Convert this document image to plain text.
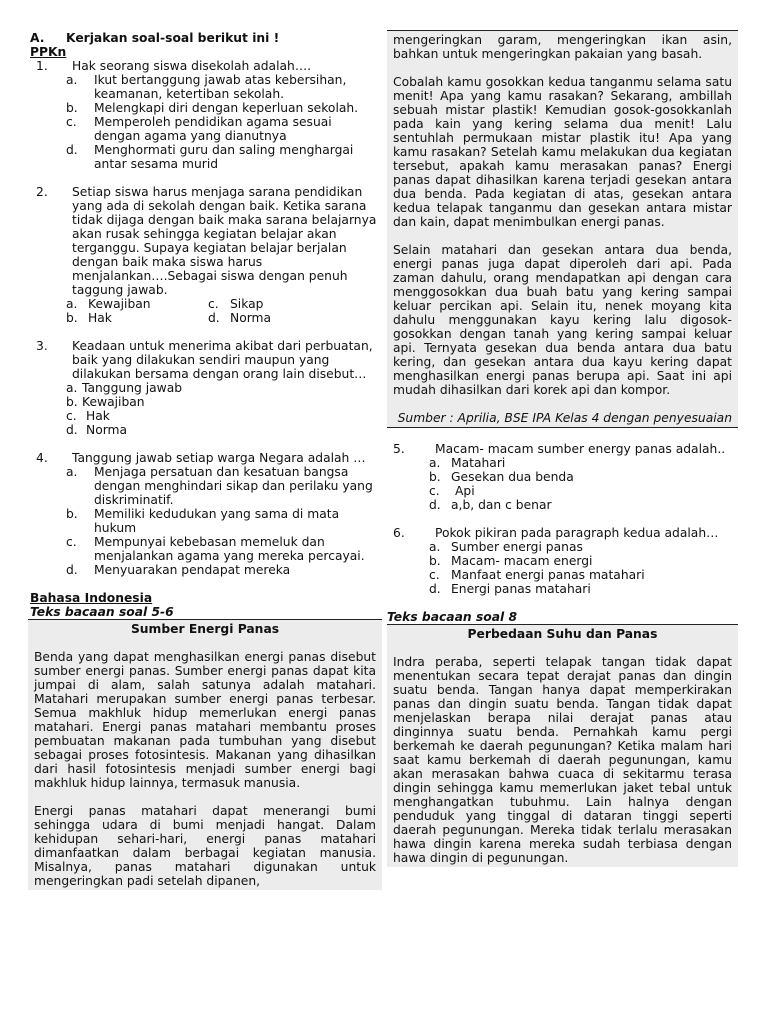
A.	Kerjakan soal-soal berikut ini !
PPKn
1.	Hak seorang siswa disekolah adalah….
a.	Ikut bertanggung jawab atas kebersihan, keamanan, ketertiban sekolah.
b.	Melengkapi diri dengan keperluan sekolah.
c.	Memperoleh pendidikan agama sesuai dengan agama yang dianutnya
d.	Menghormati guru dan saling menghargai antar sesama murid
2.	Setiap siswa harus menjaga sarana pendidikan yang ada di sekolah dengan baik. Ketika sarana tidak dijaga dengan baik maka sarana belajarnya akan rusak sehingga kegiatan belajar akan terganggu. Supaya kegiatan belajar berjalan dengan baik maka siswa harus menjalankan….Sebagai siswa dengan penuh taggung jawab.
a. Kewajiban	c. Sikap
b. Hak	d. Norma
3.	Keadaan untuk menerima akibat dari perbuatan, baik yang dilakukan sendiri maupun yang dilakukan bersama dengan orang lain disebut…
a. Tanggung jawab
b. Kewajiban
c. Hak
d. Norma
4.	Tanggung jawab setiap warga Negara adalah …
a.	Menjaga persatuan dan kesatuan bangsa dengan menghindari sikap dan perilaku yang diskriminatif.
b.	Memiliki kedudukan yang sama di mata hukum
c.	Mempunyai kebebasan memeluk dan menjalankan agama yang mereka percayai.
d.	Menyuarakan pendapat mereka
Bahasa Indonesia
Teks bacaan soal 5-6
Sumber Energi Panas
Benda yang dapat menghasilkan energi panas disebut sumber energi panas. Sumber energi panas dapat kita jumpai di alam, salah satunya adalah matahari. Matahari merupakan sumber energi panas terbesar. Semua makhluk hidup memerlukan energi panas matahari. Energi panas matahari membantu proses pembuatan makanan pada tumbuhan yang disebut sebagai proses fotosintesis. Makanan yang dihasilkan dari hasil fotosintesis menjadi sumber energi bagi makhluk hidup lainnya, termasuk manusia.
Energi panas matahari dapat menerangi bumi sehingga udara di bumi menjadi hangat. Dalam kehidupan sehari-hari, energi panas matahari dimanfaatkan dalam berbagai kegiatan manusia. Misalnya, panas matahari digunakan untuk mengeringkan padi setelah dipanen,
mengeringkan garam, mengeringkan ikan asin, bahkan untuk mengeringkan pakaian yang basah.
Cobalah kamu gosokkan kedua tanganmu selama satu menit! Apa yang kamu rasakan? Sekarang, ambillah sebuah mistar plastik! Kemudian gosok-gosokkanlah pada kain yang kering selama dua menit! Lalu sentuhlah permukaan mistar plastik itu! Apa yang kamu rasakan? Setelah kamu melakukan dua kegiatan tersebut, apakah kamu merasakan panas? Energi panas dapat dihasilkan karena terjadi gesekan antara dua benda. Pada kegiatan di atas, gesekan antara kedua telapak tanganmu dan gesekan antara mistar dan kain, dapat menimbulkan energi panas.
Selain matahari dan gesekan antara dua benda, energi panas juga dapat diperoleh dari api. Pada zaman dahulu, orang mendapatkan api dengan cara menggosokkan dua buah batu yang kering sampai keluar percikan api. Selain itu, nenek moyang kita dahulu menggunakan kayu kering lalu digosok-gosokkan dengan tanah yang kering sampai keluar api. Ternyata gesekan dua benda antara dua batu kering, dan gesekan antara dua kayu kering dapat menghasilkan energi panas berupa api. Saat ini api mudah dihasilkan dari korek api dan kompor.
Sumber : Aprilia, BSE IPA Kelas 4 dengan penyesuaian
5.	Macam- macam sumber energy panas adalah..
a. Matahari
b. Gesekan dua benda
c.	Api
d. a,b, dan c benar
6.	Pokok pikiran pada paragraph kedua adalah…
a. Sumber energi panas
b. Macam- macam energi
c. Manfaat energi panas matahari
d. Energi panas matahari
Teks bacaan soal 8
Perbedaan Suhu dan Panas
Indra peraba, seperti telapak tangan tidak dapat menentukan secara tepat derajat panas dan dingin suatu benda. Tangan hanya dapat memperkirakan panas dan dingin suatu benda. Tangan tidak dapat menjelaskan berapa nilai derajat panas atau dinginnya suatu benda. Pernahkah kamu pergi berkemah ke daerah pegunungan? Ketika malam hari saat kamu berkemah di daerah pegunungan, kamu akan merasakan bahwa cuaca di sekitarmu terasa dingin sehingga kamu memerlukan jaket tebal untuk menghangatkan tubuhmu. Lain halnya dengan penduduk yang tinggal di dataran tinggi seperti daerah pegunungan. Mereka tidak terlalu merasakan hawa dingin karena mereka sudah terbiasa dengan hawa dingin di pegunungan.
